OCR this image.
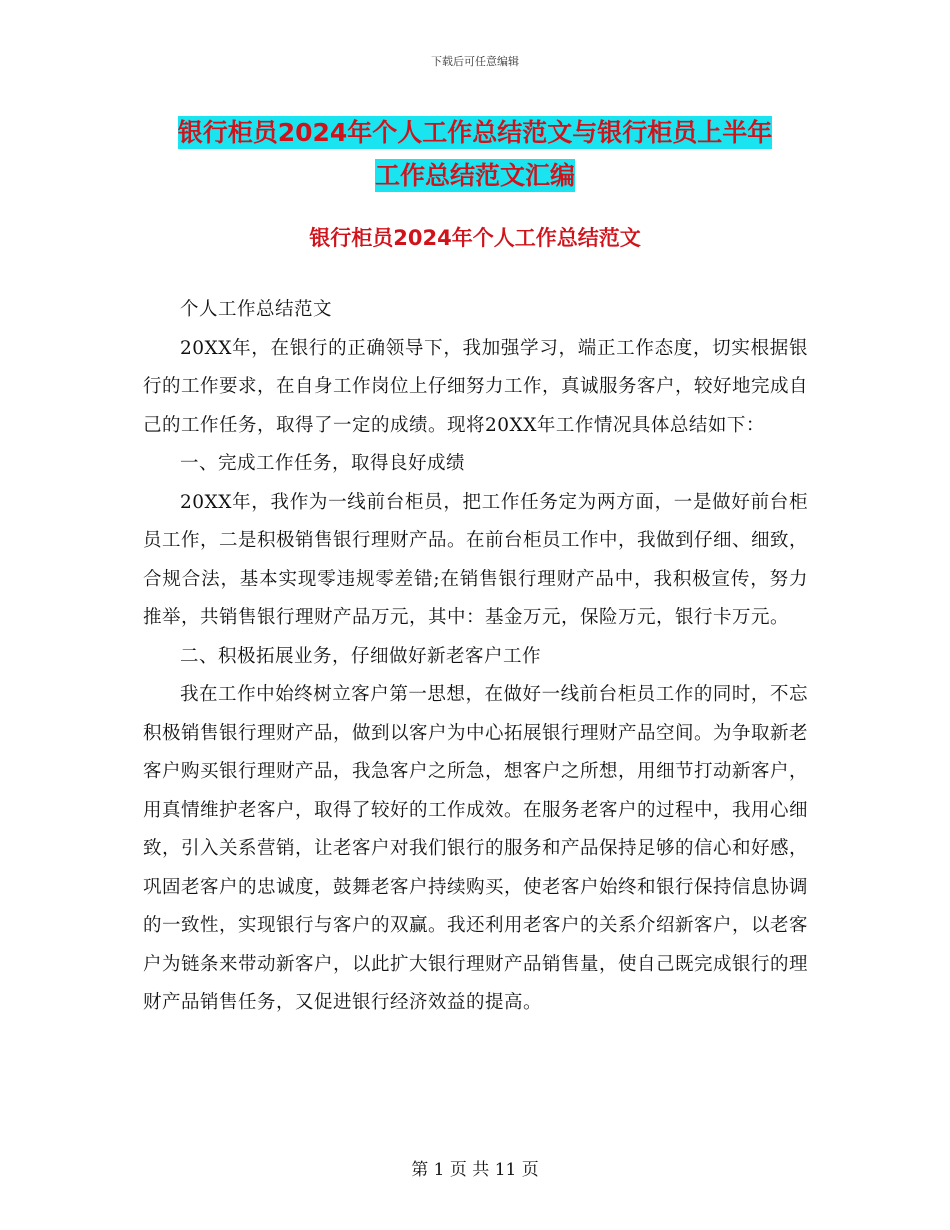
下载后可任意编辑
银行柜员2024年个人工作总结范文与银行柜员上半年
工作总结范文汇编
银行柜员2024年个人工作总结范文

个人工作总结范文

20XX年，在银行的正确领导下，我加强学习，端正工作态度，切实根据银行的工作要求，在自身工作岗位上仔细努力工作，真诚服务客户，较好地完成自己的工作任务，取得了一定的成绩。现将20XX年工作情况具体总结如下：

一、完成工作任务，取得良好成绩

20XX年，我作为一线前台柜员，把工作任务定为两方面，一是做好前台柜员工作，二是积极销售银行理财产品。在前台柜员工作中，我做到仔细、细致，合规合法，基本实现零违规零差错;在销售银行理财产品中，我积极宣传，努力推举，共销售银行理财产品万元，其中：基金万元，保险万元，银行卡万元。

二、积极拓展业务，仔细做好新老客户工作

我在工作中始终树立客户第一思想，在做好一线前台柜员工作的同时，不忘积极销售银行理财产品，做到以客户为中心拓展银行理财产品空间。为争取新老客户购买银行理财产品，我急客户之所急，想客户之所想，用细节打动新客户，用真情维护老客户，取得了较好的工作成效。在服务老客户的过程中，我用心细致，引入关系营销，让老客户对我们银行的服务和产品保持足够的信心和好感，巩固老客户的忠诚度，鼓舞老客户持续购买，使老客户始终和银行保持信息协调的一致性，实现银行与客户的双赢。我还利用老客户的关系介绍新客户，以老客户为链条来带动新客户，以此扩大银行理财产品销售量，使自己既完成银行的理财产品销售任务，又促进银行经济效益的提高。

第 1 页 共 11 页
